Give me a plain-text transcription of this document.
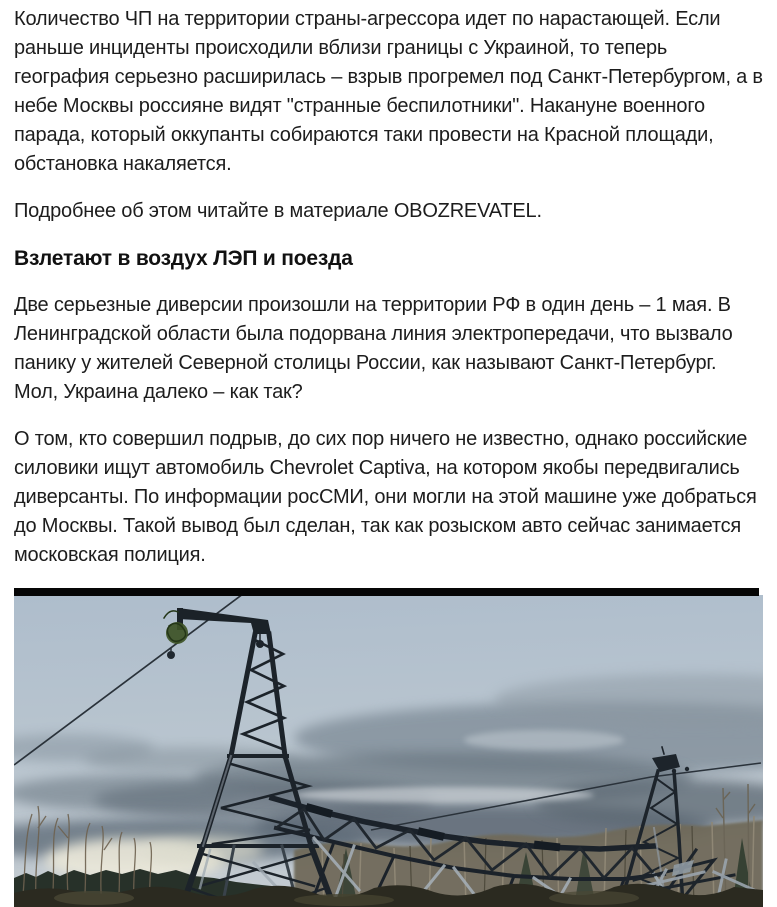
Количество ЧП на территории страны-агрессора идет по нарастающей. Если раньше инциденты происходили вблизи границы с Украиной, то теперь география серьезно расширилась – взрыв прогремел под Санкт-Петербургом, а в небе Москвы россияне видят "странные беспилотники". Накануне военного парада, который оккупанты собираются таки провести на Красной площади, обстановка накаляется.

Подробнее об этом читайте в материале OBOZREVATEL.

Взлетают в воздух ЛЭП и поезда

Две серьезные диверсии произошли на территории РФ в один день – 1 мая. В Ленинградской области была подорвана линия электропередачи, что вызвало панику у жителей Северной столицы России, как называют Санкт-Петербург. Мол, Украина далеко – как так?

О том, кто совершил подрыв, до сих пор ничего не известно, однако российские силовики ищут автомобиль Chevrolet Captiva, на котором якобы передвигались диверсанты. По информации росСМИ, они могли на этой машине уже добраться до Москвы. Такой вывод был сделан, так как розыском авто сейчас занимается московская полиция.
